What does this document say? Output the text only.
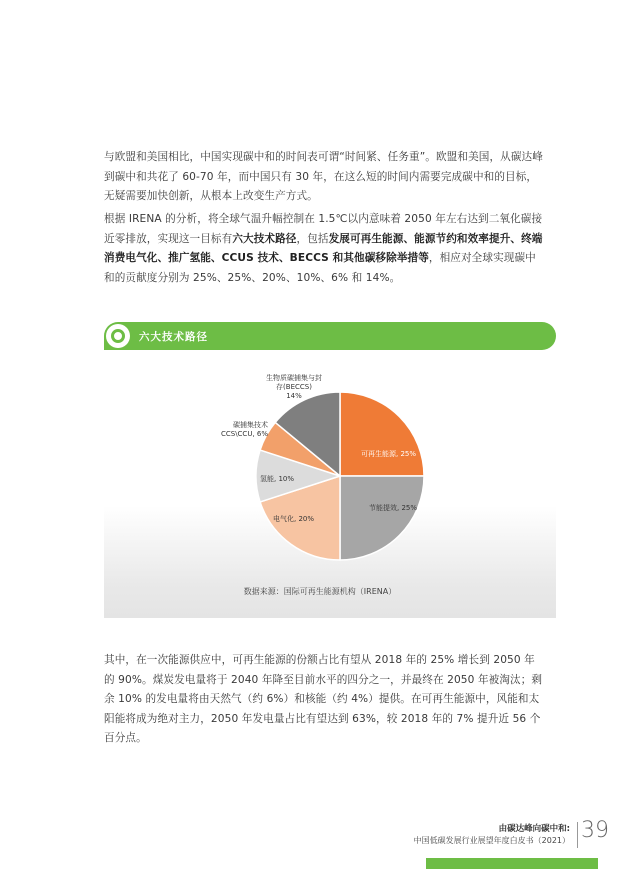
与欧盟和美国相比，中国实现碳中和的时间表可谓“时间紧、任务重”。欧盟和美国，从碳达峰到碳中和共花了 60-70 年，而中国只有 30 年，在这么短的时间内需要完成碳中和的目标，无疑需要加快创新，从根本上改变生产方式。

根据 IRENA 的分析，将全球气温升幅控制在 1.5℃以内意味着 2050 年左右达到二氧化碳接近零排放，实现这一目标有六大技术路径，包括发展可再生能源、能源节约和效率提升、终端消费电气化、推广氢能、CCUS 技术、BECCS 和其他碳移除举措等，相应对全球实现碳中和的贡献度分别为 25%、25%、20%、10%、6% 和 14%。

六大技术路径
可再生能源, 25%
节能提效, 25%
电气化, 20%
氢能, 10%
碳捕集技术 CCS\CCU, 6%
生物质碳捕集与封存(BECCS) 14%
数据来源：国际可再生能源机构（IRENA）

其中，在一次能源供应中，可再生能源的份额占比有望从 2018 年的 25% 增长到 2050 年的 90%。煤炭发电量将于 2040 年降至目前水平的四分之一，并最终在 2050 年被淘汰；剩余 10% 的发电量将由天然气（约 6%）和核能（约 4%）提供。在可再生能源中，风能和太阳能将成为绝对主力，2050 年发电量占比有望达到 63%，较 2018 年的 7% 提升近 56 个百分点。

由碳达峰向碳中和:
中国低碳发展行业展望年度白皮书（2021） 39
